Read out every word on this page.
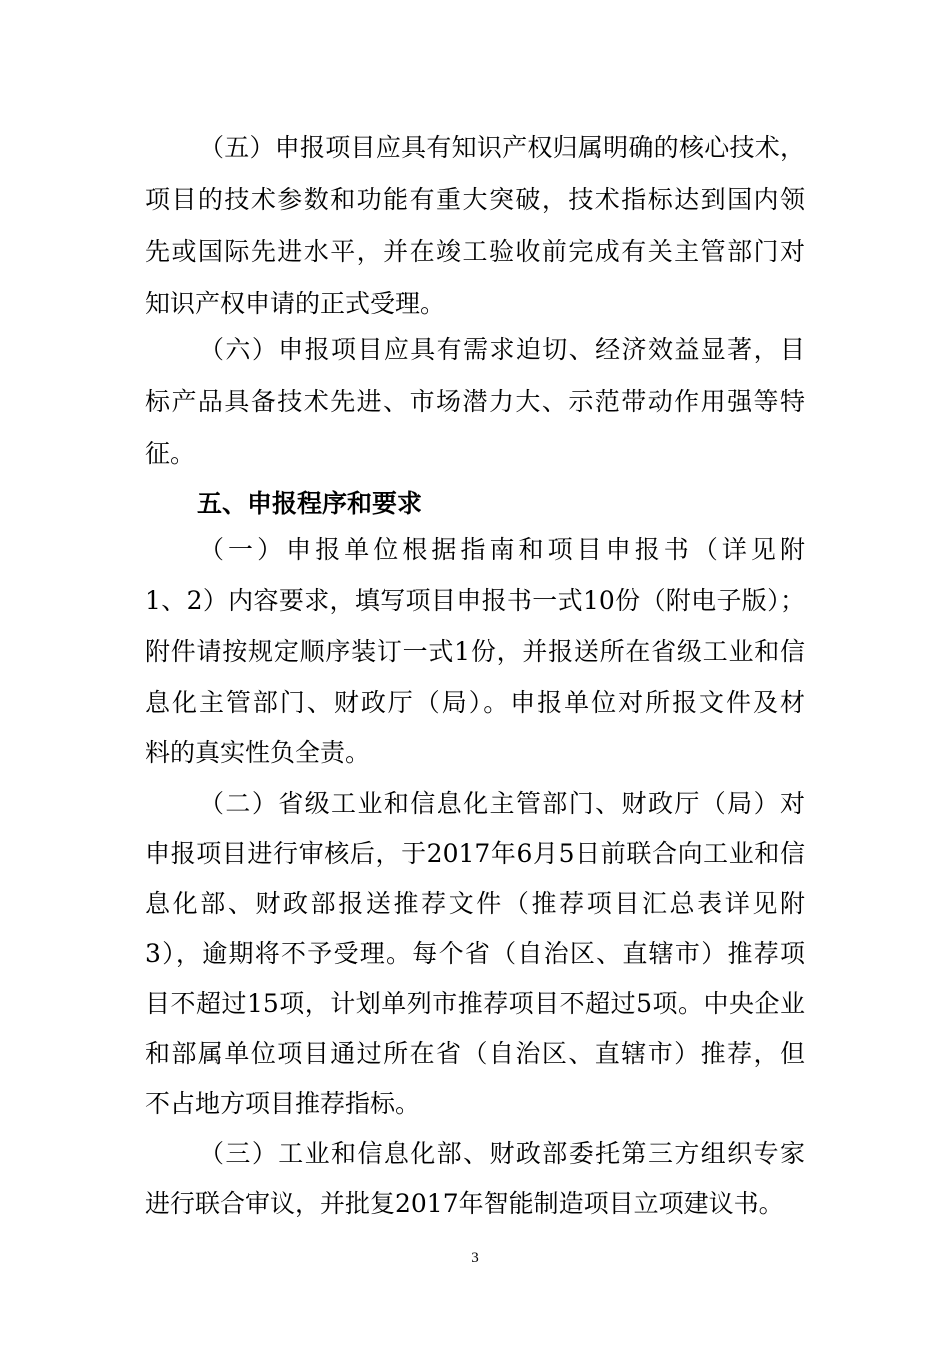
（五）申报项目应具有知识产权归属明确的核心技术，
项目的技术参数和功能有重大突破，技术指标达到国内领
先或国际先进水平，并在竣工验收前完成有关主管部门对
知识产权申请的正式受理。
（六）申报项目应具有需求迫切、经济效益显著，目
标产品具备技术先进、市场潜力大、示范带动作用强等特
征。
五、申报程序和要求
（一）申报单位根据指南和项目申报书（详见附
1、2）内容要求，填写项目申报书一式10份（附电子版）；
附件请按规定顺序装订一式1份，并报送所在省级工业和信
息化主管部门、财政厅（局）。申报单位对所报文件及材
料的真实性负全责。
（二）省级工业和信息化主管部门、财政厅（局）对
申报项目进行审核后，于2017年6月5日前联合向工业和信
息化部、财政部报送推荐文件（推荐项目汇总表详见附
3），逾期将不予受理。每个省（自治区、直辖市）推荐项
目不超过15项，计划单列市推荐项目不超过5项。中央企业
和部属单位项目通过所在省（自治区、直辖市）推荐，但
不占地方项目推荐指标。
（三）工业和信息化部、财政部委托第三方组织专家
进行联合审议，并批复2017年智能制造项目立项建议书。
3
